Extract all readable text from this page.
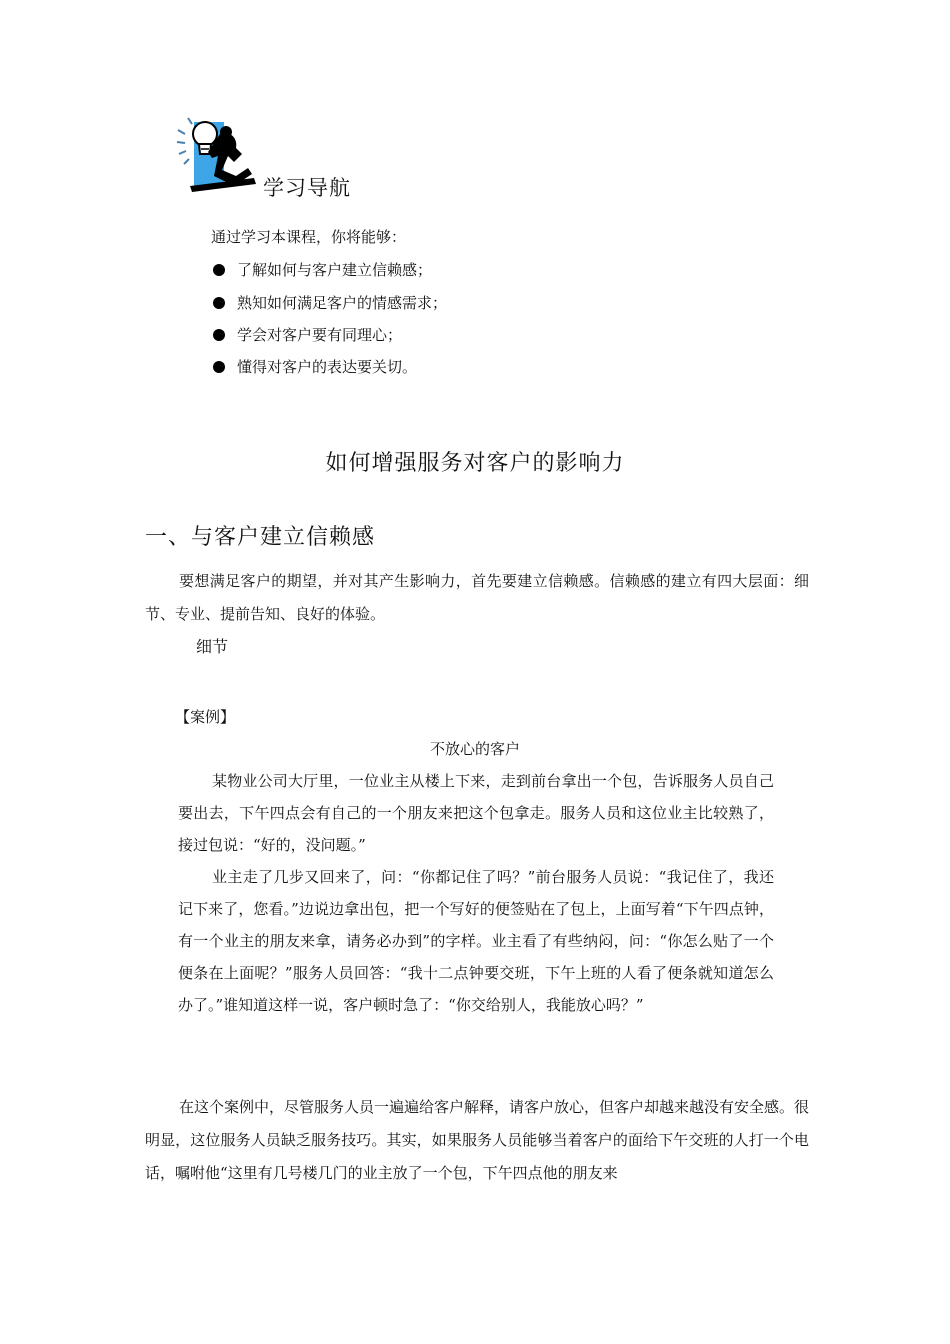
学习导航
通过学习本课程，你将能够：
了解如何与客户建立信赖感；
熟知如何满足客户的情感需求；
学会对客户要有同理心；
懂得对客户的表达要关切。
如何增强服务对客户的影响力
一、与客户建立信赖感

要想满足客户的期望，并对其产生影响力，首先要建立信赖感。信赖感的建立有四大层面：细节、专业、提前告知、良好的体验。

细节
【案例】
不放心的客户

某物业公司大厅里，一位业主从楼上下来，走到前台拿出一个包，告诉服务人员自己要出去，下午四点会有自己的一个朋友来把这个包拿走。服务人员和这位业主比较熟了，接过包说：“好的，没问题。”

业主走了几步又回来了，问：“你都记住了吗？”前台服务人员说：“我记住了，我还记下来了，您看。”边说边拿出包，把一个写好的便签贴在了包上，上面写着“下午四点钟，有一个业主的朋友来拿，请务必办到”的字样。业主看了有些纳闷，问：“你怎么贴了一个便条在上面呢？”服务人员回答：“我十二点钟要交班，下午上班的人看了便条就知道怎么办了。”谁知道这样一说，客户顿时急了：“你交给别人，我能放心吗？”

在这个案例中，尽管服务人员一遍遍给客户解释，请客户放心，但客户却越来越没有安全感。很明显，这位服务人员缺乏服务技巧。其实，如果服务人员能够当着客户的面给下午交班的人打一个电话，嘱咐他“这里有几号楼几门的业主放了一个包，下午四点他的朋友来
